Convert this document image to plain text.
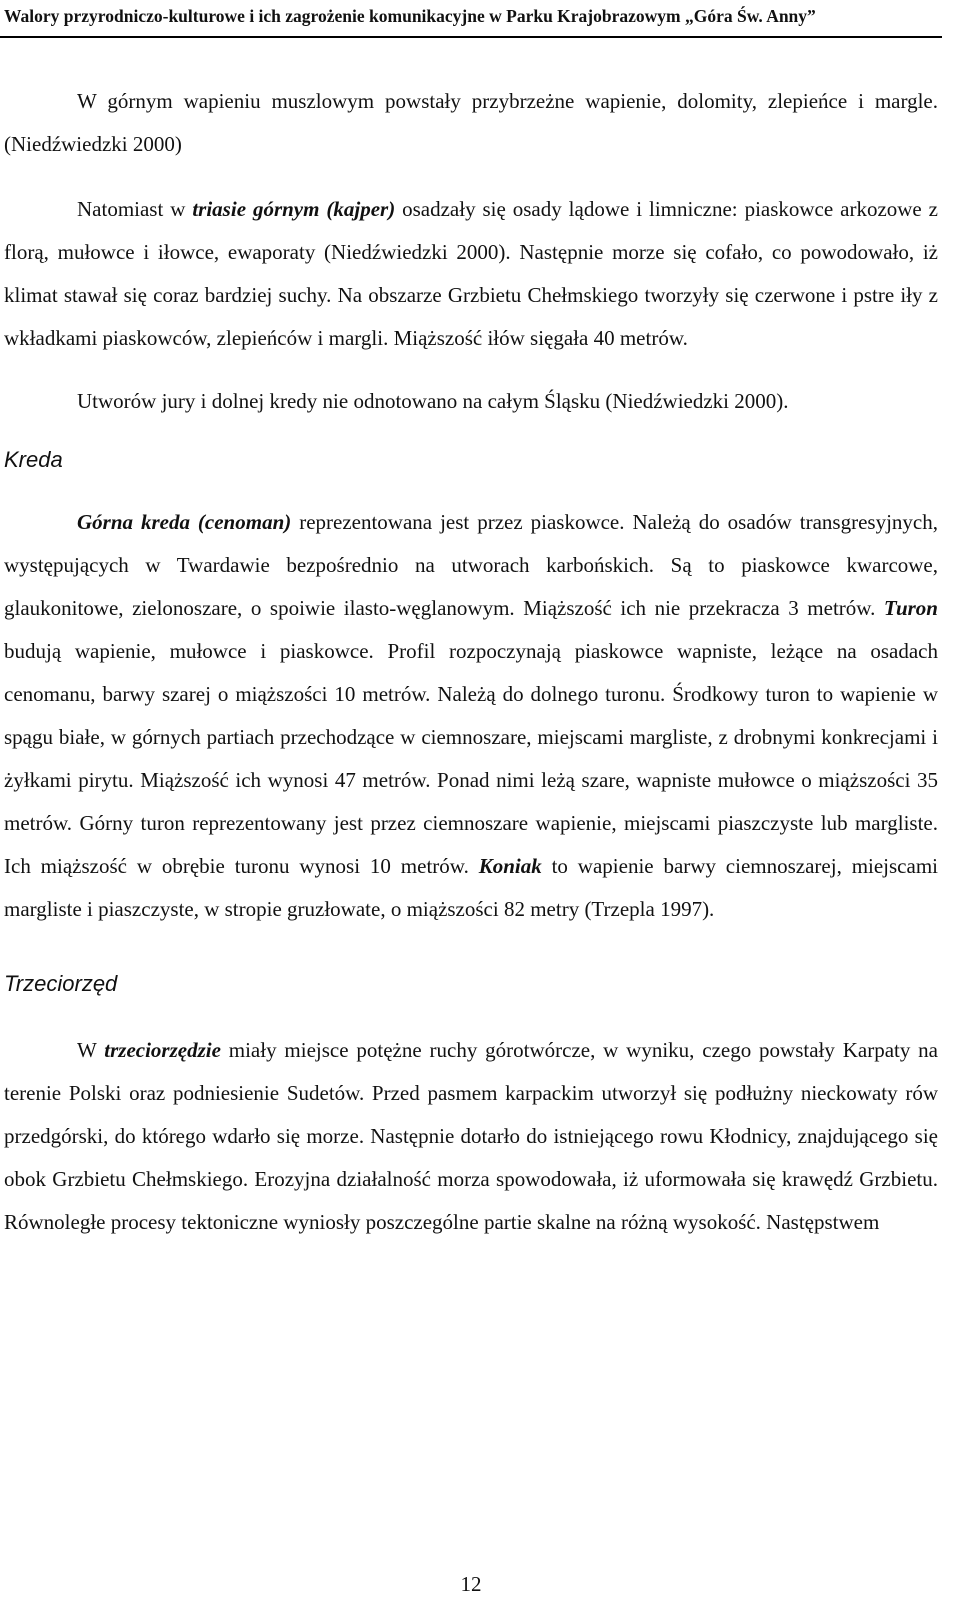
Walory przyrodniczo-kulturowe i ich zagrożenie komunikacyjne w Parku Krajobrazowym „Góra Św. Anny”

W górnym wapieniu muszlowym powstały przybrzeżne wapienie, dolomity, zlepieńce i margle. (Niedźwiedzki 2000)

Natomiast w triasie górnym (kajper) osadzały się osady lądowe i limniczne: piaskowce arkozowe z florą, mułowce i iłowce, ewaporaty (Niedźwiedzki 2000). Następnie morze się cofało, co powodowało, iż klimat stawał się coraz bardziej suchy. Na obszarze Grzbietu Chełmskiego tworzyły się czerwone i pstre iły z wkładkami piaskowców, zlepieńców i margli. Miąższość iłów sięgała 40 metrów.

Utworów jury i dolnej kredy nie odnotowano na całym Śląsku (Niedźwiedzki 2000).

Kreda

Górna kreda (cenoman) reprezentowana jest przez piaskowce. Należą do osadów transgresyjnych, występujących w Twardawie bezpośrednio na utworach karbońskich. Są to piaskowce kwarcowe, glaukonitowe, zielonoszare, o spoiwie ilasto-węglanowym. Miąższość ich nie przekracza 3 metrów. Turon budują wapienie, mułowce i piaskowce. Profil rozpoczynają piaskowce wapniste, leżące na osadach cenomanu, barwy szarej o miąższości 10 metrów. Należą do dolnego turonu. Środkowy turon to wapienie w spągu białe, w górnych partiach przechodzące w ciemnoszare, miejscami margliste, z drobnymi konkrecjami i żyłkami pirytu. Miąższość ich wynosi 47 metrów. Ponad nimi leżą szare, wapniste mułowce o miąższości 35 metrów. Górny turon reprezentowany jest przez ciemnoszare wapienie, miejscami piaszczyste lub margliste. Ich miąższość w obrębie turonu wynosi 10 metrów. Koniak to wapienie barwy ciemnoszarej, miejscami margliste i piaszczyste, w stropie gruzłowate, o miąższości 82 metry (Trzepla 1997).

Trzeciorzęd

W trzeciorzędzie miały miejsce potężne ruchy górotwórcze, w wyniku, czego powstały Karpaty na terenie Polski oraz podniesienie Sudetów. Przed pasmem karpackim utworzył się podłużny nieckowaty rów przedgórski, do którego wdarło się morze. Następnie dotarło do istniejącego rowu Kłodnicy, znajdującego się obok Grzbietu Chełmskiego. Erozyjna działalność morza spowodowała, iż uformowała się krawędź Grzbietu. Równoległe procesy tektoniczne wyniosły poszczególne partie skalne na różną wysokość. Następstwem

12
